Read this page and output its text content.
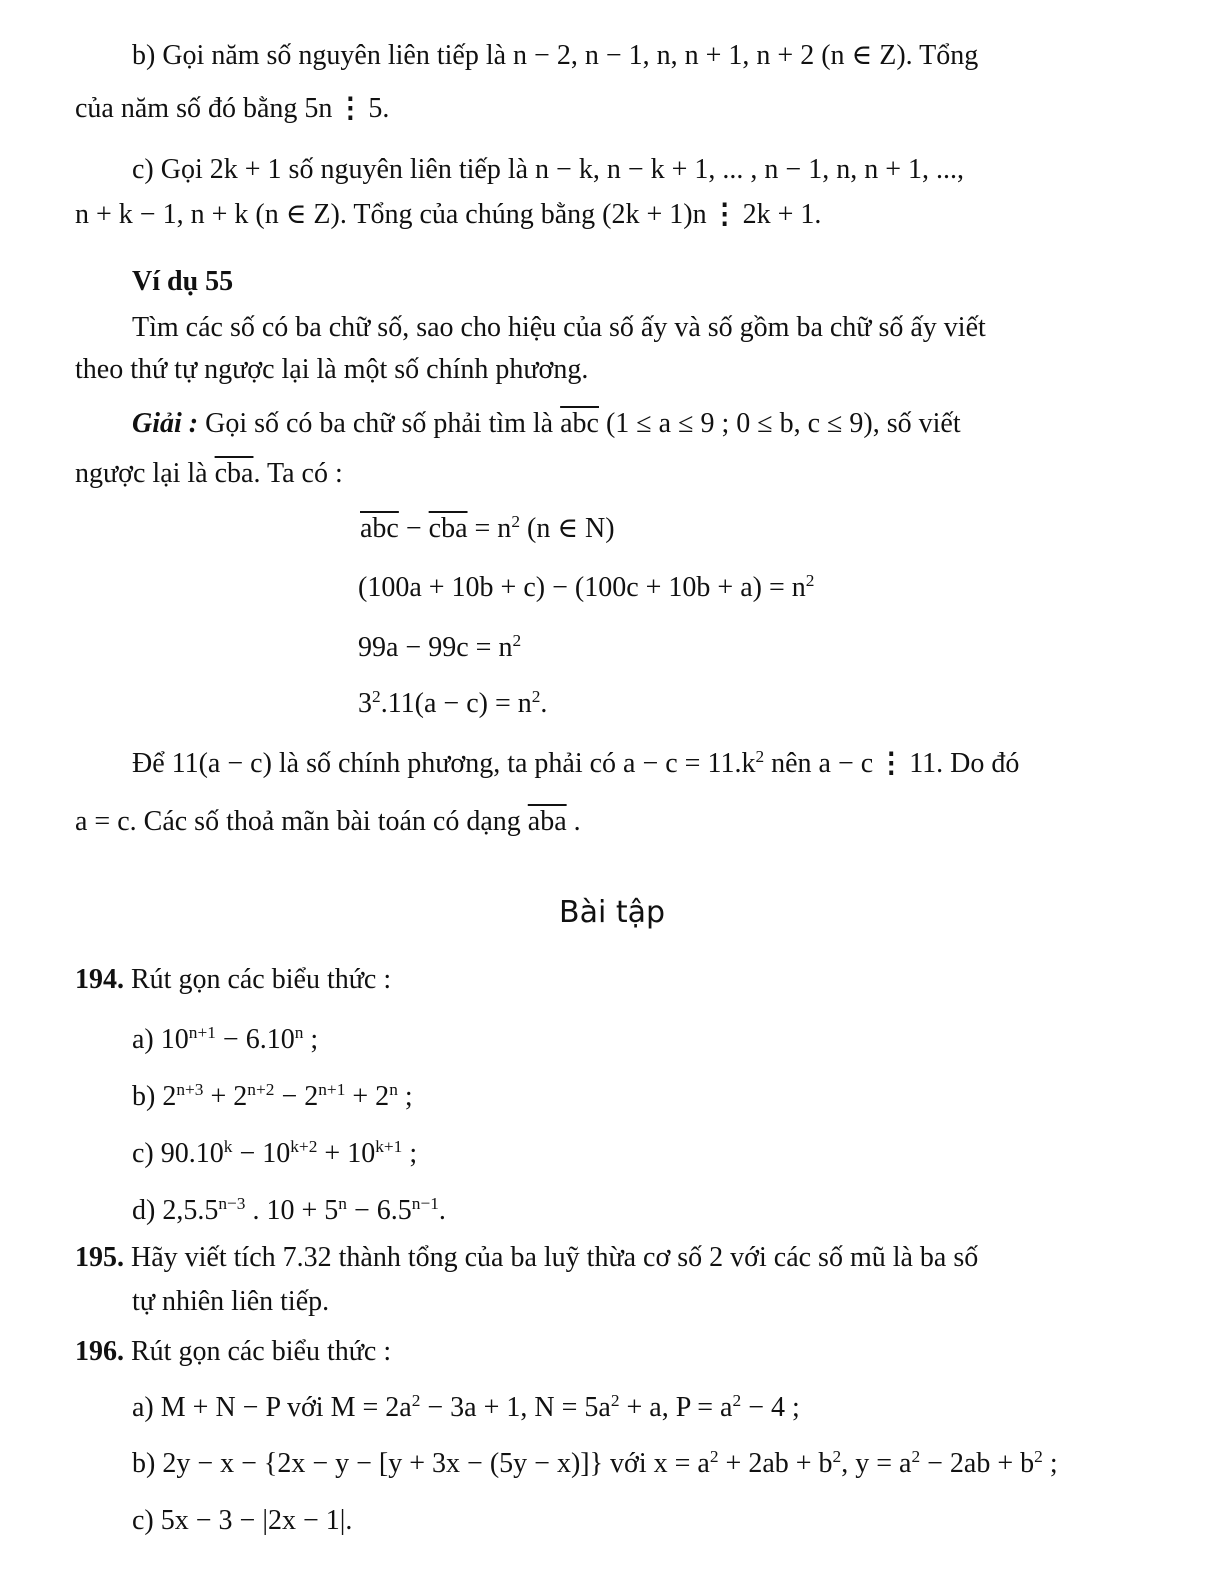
b) Gọi năm số nguyên liên tiếp là n − 2, n − 1, n, n + 1, n + 2 (n ∈ Z). Tổng
của năm số đó bằng 5n ⋮ 5.
c) Gọi 2k + 1 số nguyên liên tiếp là n − k, n − k + 1, ... , n − 1, n, n + 1, ...,
n + k − 1, n + k (n ∈ Z). Tổng của chúng bằng (2k + 1)n ⋮ 2k + 1.
Ví dụ 55
Tìm các số có ba chữ số, sao cho hiệu của số ấy và số gồm ba chữ số ấy viết
theo thứ tự ngược lại là một số chính phương.
Giải : Gọi số có ba chữ số phải tìm là $\overline{abc}$ (1 ≤ a ≤ 9 ; 0 ≤ b, c ≤ 9), số viết
ngược lại là $\overline{cba}$. Ta có :
$\overline{abc} - \overline{cba} = n^2$ (n ∈ N)
$(100a + 10b + c) - (100c + 10b + a) = n^2$
$99a - 99c = n^2$
$3^2.11(a - c) = n^2$.
Để 11(a − c) là số chính phương, ta phải có $a - c = 11.k^2$ nên a − c ⋮ 11. Do đó
a = c. Các số thoả mãn bài toán có dạng $\overline{aba}$ .
Bài tập
194. Rút gọn các biểu thức :
a) $10^{n+1} - 6.10^n$ ;
b) $2^{n+3} + 2^{n+2} - 2^{n+1} + 2^n$ ;
c) $90.10^k - 10^{k+2} + 10^{k+1}$ ;
d) $2,5.5^{n-3}$ . $10 + 5^n - 6.5^{n-1}$.
195. Hãy viết tích 7.32 thành tổng của ba luỹ thừa cơ số 2 với các số mũ là ba số
tự nhiên liên tiếp.
196. Rút gọn các biểu thức :
a) M + N − P với $M = 2a^2 - 3a + 1$, $N = 5a^2 + a$, $P = a^2 - 4$ ;
b) 2y − x − {2x − y − [y + 3x − (5y − x)]} với $x = a^2 + 2ab + b^2$, $y = a^2 - 2ab + b^2$ ;
c) 5x − 3 − |2x − 1|.
